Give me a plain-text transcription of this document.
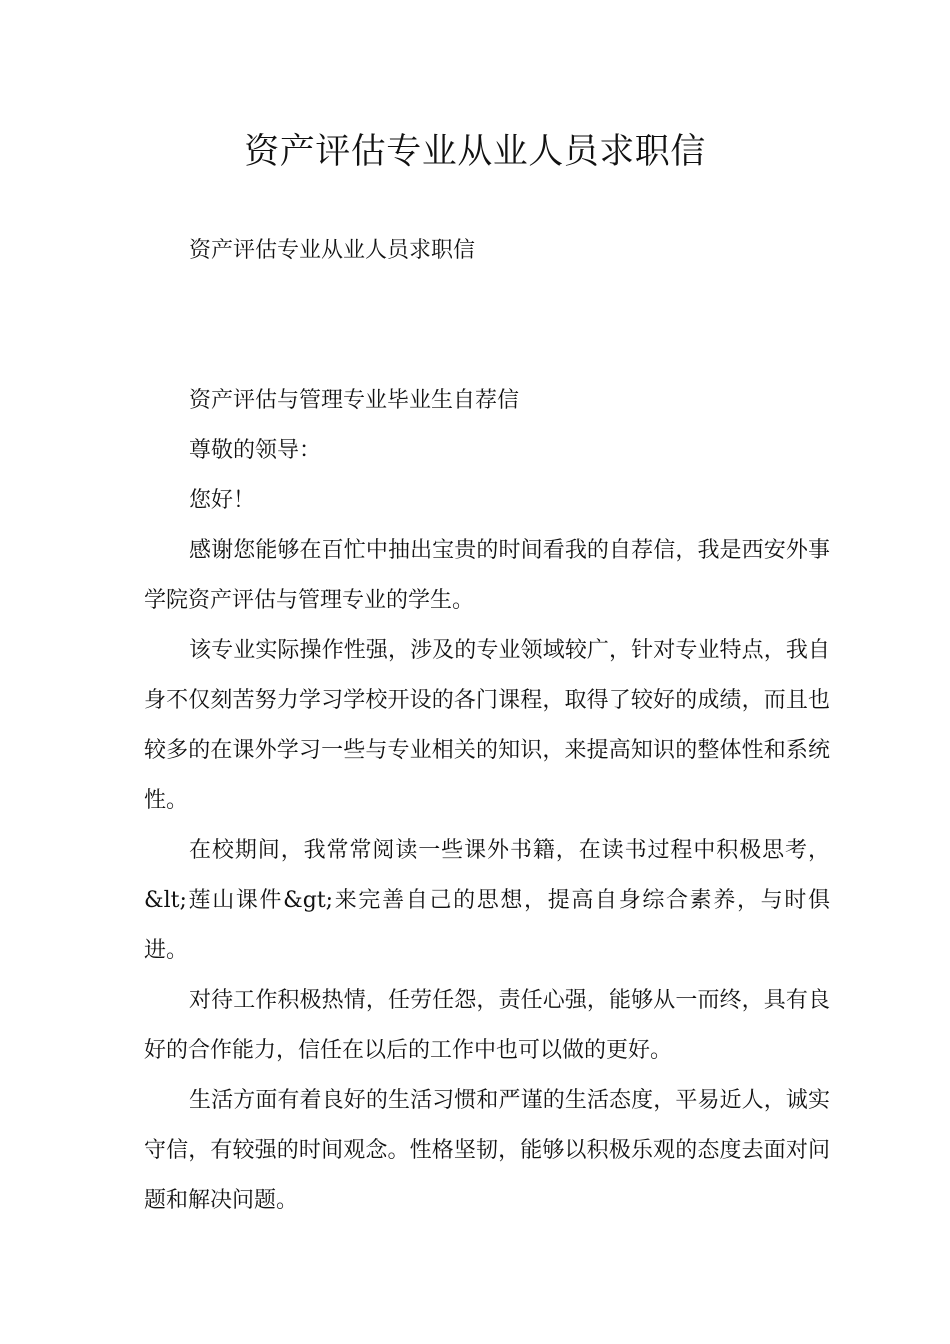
资产评估专业从业人员求职信

资产评估专业从业人员求职信

资产评估与管理专业毕业生自荐信

尊敬的领导：

您好！

感谢您能够在百忙中抽出宝贵的时间看我的自荐信，我是西安外事学院资产评估与管理专业的学生。

该专业实际操作性强，涉及的专业领域较广，针对专业特点，我自身不仅刻苦努力学习学校开设的各门课程，取得了较好的成绩，而且也较多的在课外学习一些与专业相关的知识，来提高知识的整体性和系统性。

在校期间，我常常阅读一些课外书籍，在读书过程中积极思考，&lt;莲山课件&gt;来完善自己的思想，提高自身综合素养，与时俱进。

对待工作积极热情，任劳任怨，责任心强，能够从一而终，具有良好的合作能力，信任在以后的工作中也可以做的更好。

生活方面有着良好的生活习惯和严谨的生活态度，平易近人，诚实守信，有较强的时间观念。性格坚韧，能够以积极乐观的态度去面对问题和解决问题。
